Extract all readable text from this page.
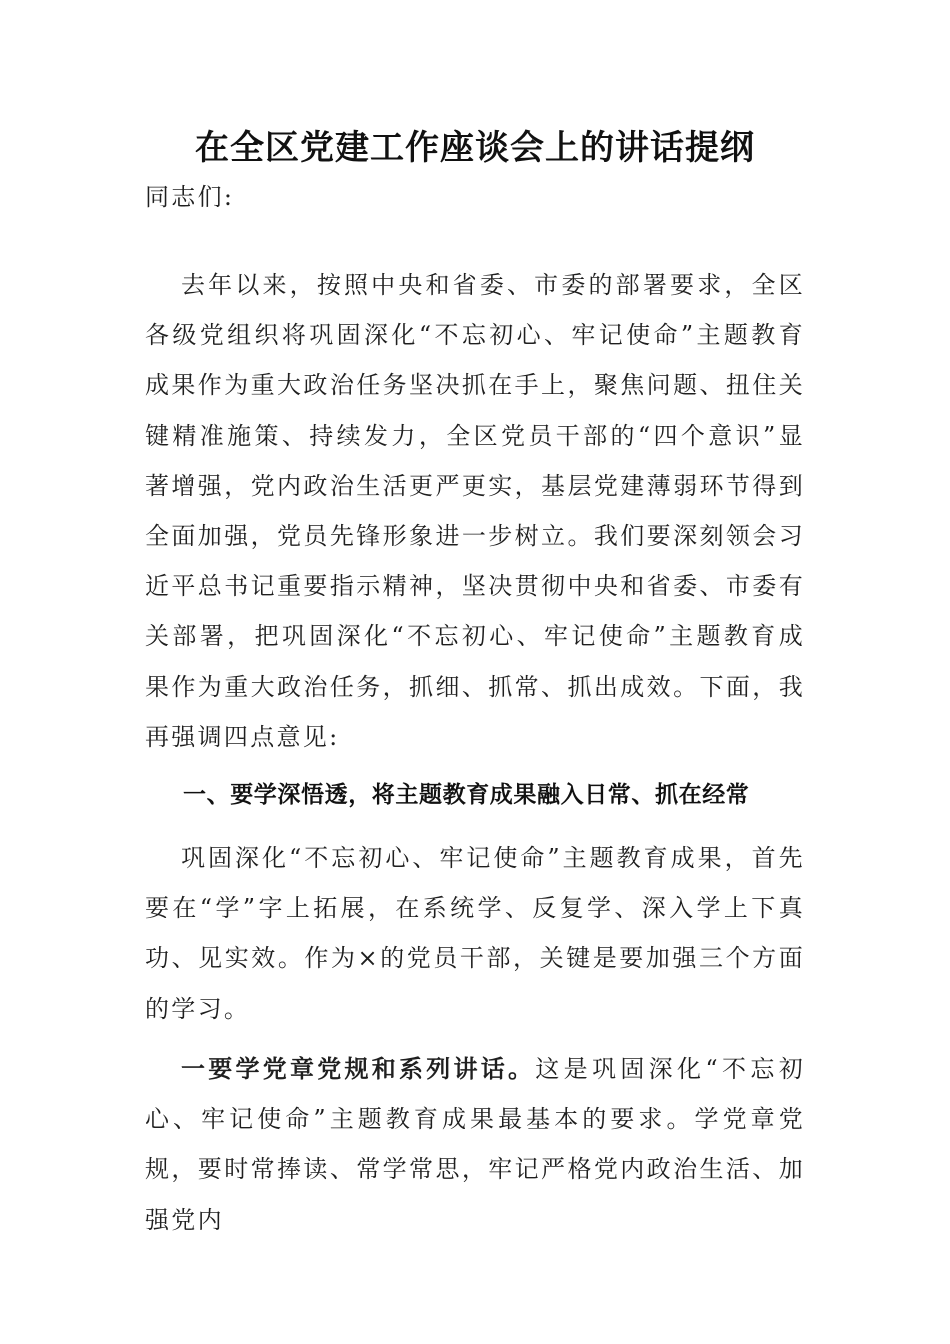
在全区党建工作座谈会上的讲话提纲
同志们:
去年以来，按照中央和省委、市委的部署要求，全区各级党组织将巩固深化“不忘初心、牢记使命”主题教育成果作为重大政治任务坚决抓在手上，聚焦问题、扭住关键精准施策、持续发力，全区党员干部的“四个意识”显著增强，党内政治生活更严更实，基层党建薄弱环节得到全面加强，党员先锋形象进一步树立。我们要深刻领会习近平总书记重要指示精神，坚决贯彻中央和省委、市委有关部署，把巩固深化“不忘初心、牢记使命”主题教育成果作为重大政治任务，抓细、抓常、抓出成效。下面，我再强调四点意见:
一、要学深悟透，将主题教育成果融入日常、抓在经常
巩固深化“不忘初心、牢记使命”主题教育成果，首先要在“学”字上拓展，在系统学、反复学、深入学上下真功、见实效。作为×的党员干部，关键是要加强三个方面的学习。
一要学党章党规和系列讲话。这是巩固深化“不忘初心、牢记使命”主题教育成果最基本的要求。学党章党规，要时常捧读、常学常思，牢记严格党内政治生活、加强党内
